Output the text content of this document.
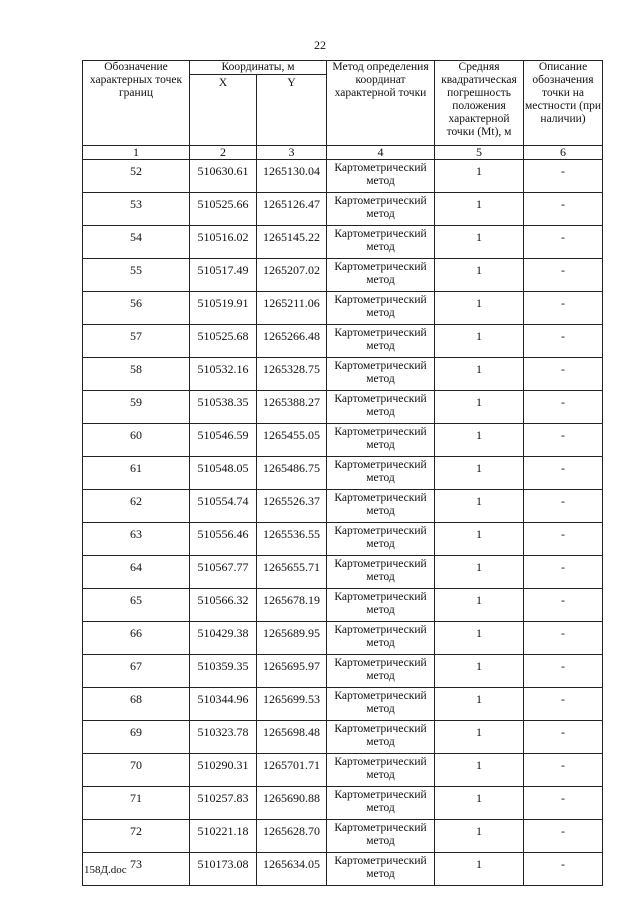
22
Обозначение характерных точек границ	Координаты, м		Метод определения координат характерной точки	Средняя квадратическая погрешность положения характерной точки (Mt), м	Описание обозначения точки на местности (при наличии)
	X	Y			
1	2	3	4	5	6
52	510630.61	1265130.04	Картометрический метод	1	-
53	510525.66	1265126.47	Картометрический метод	1	-
54	510516.02	1265145.22	Картометрический метод	1	-
55	510517.49	1265207.02	Картометрический метод	1	-
56	510519.91	1265211.06	Картометрический метод	1	-
57	510525.68	1265266.48	Картометрический метод	1	-
58	510532.16	1265328.75	Картометрический метод	1	-
59	510538.35	1265388.27	Картометрический метод	1	-
60	510546.59	1265455.05	Картометрический метод	1	-
61	510548.05	1265486.75	Картометрический метод	1	-
62	510554.74	1265526.37	Картометрический метод	1	-
63	510556.46	1265536.55	Картометрический метод	1	-
64	510567.77	1265655.71	Картометрический метод	1	-
65	510566.32	1265678.19	Картометрический метод	1	-
66	510429.38	1265689.95	Картометрический метод	1	-
67	510359.35	1265695.97	Картометрический метод	1	-
68	510344.96	1265699.53	Картометрический метод	1	-
69	510323.78	1265698.48	Картометрический метод	1	-
70	510290.31	1265701.71	Картометрический метод	1	-
71	510257.83	1265690.88	Картометрический метод	1	-
72	510221.18	1265628.70	Картометрический метод	1	-
73	510173.08	1265634.05	Картометрический метод	1	-
158Д.doc
